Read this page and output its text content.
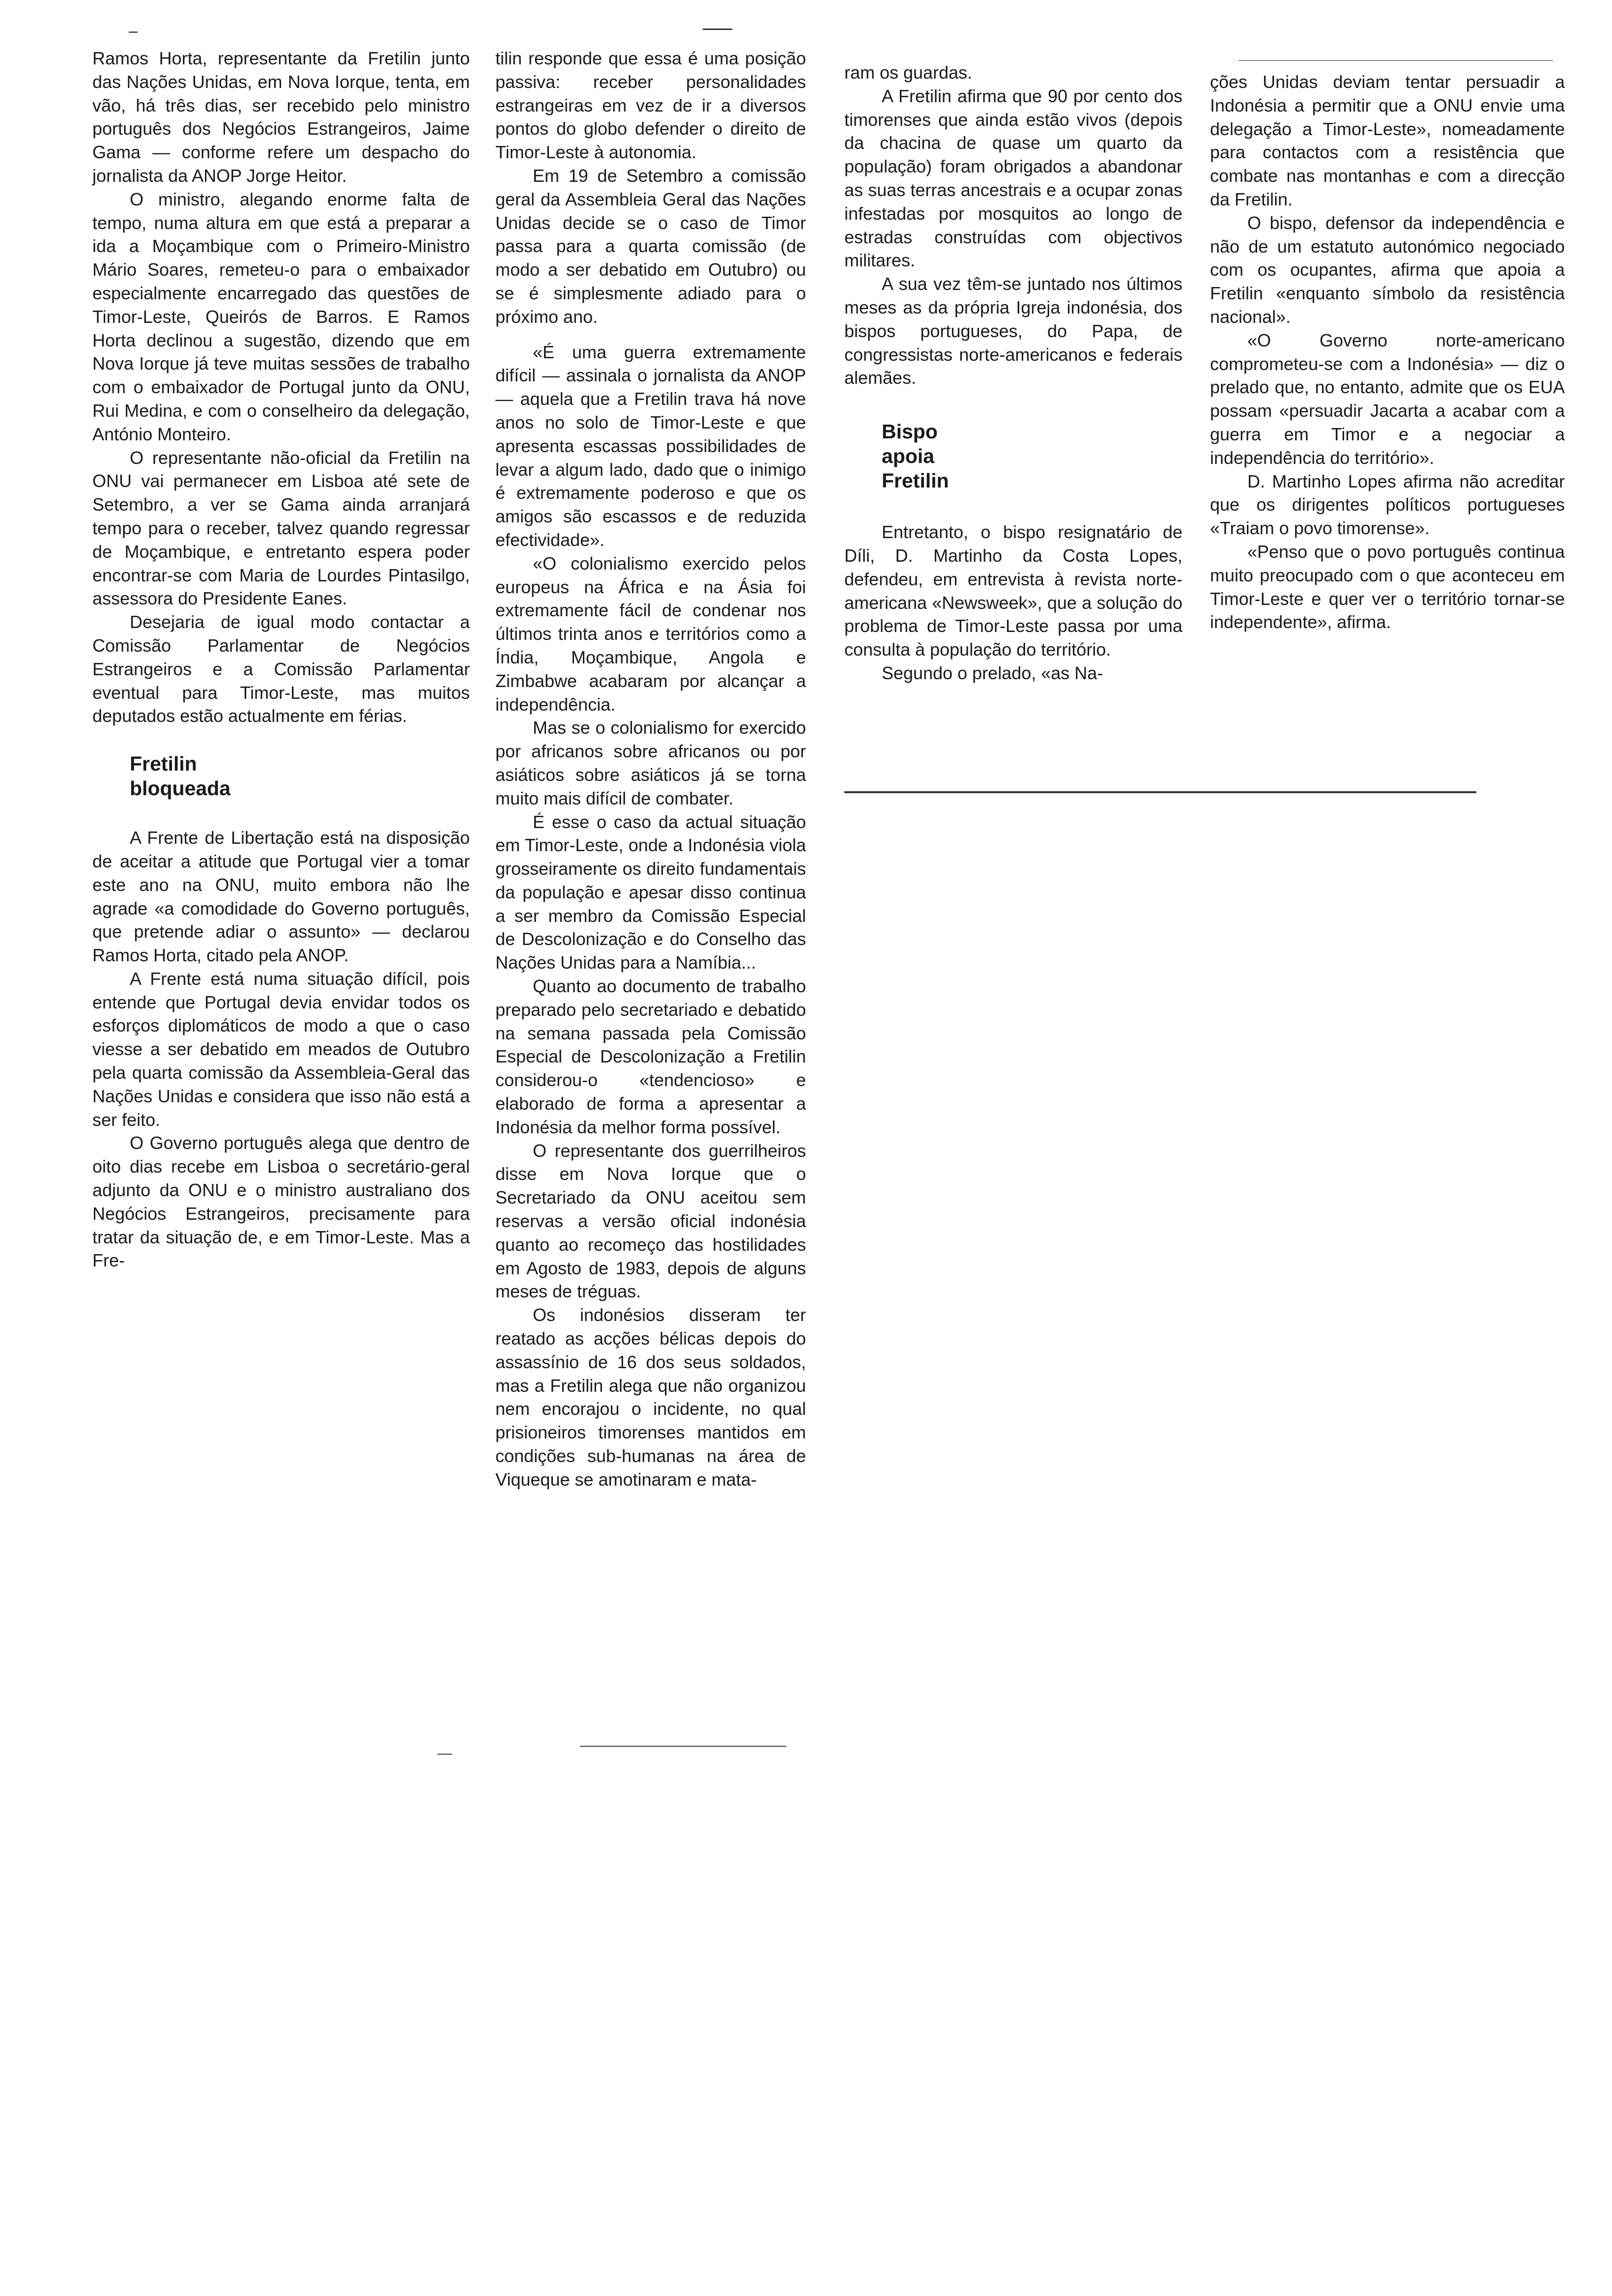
Ramos Horta, representante da Fretilin junto das Nações Unidas, em Nova Iorque, tenta, em vão, há três dias, ser recebido pelo ministro português dos Negócios Estrangeiros, Jaime Gama — conforme refere um despacho do jornalista da ANOP Jorge Heitor.

O ministro, alegando enorme falta de tempo, numa altura em que está a preparar a ida a Moçambique com o Primeiro-Ministro Mário Soares, remeteu-o para o embaixador especialmente encarregado das questões de Timor-Leste, Queirós de Barros. E Ramos Horta declinou a sugestão, dizendo que em Nova Iorque já teve muitas sessões de trabalho com o embaixador de Portugal junto da ONU, Rui Medina, e com o conselheiro da delegação, António Monteiro.

O representante não-oficial da Fretilin na ONU vai permanecer em Lisboa até sete de Setembro, a ver se Gama ainda arranjará tempo para o receber, talvez quando regressar de Moçambique, e entretanto espera poder encontrar-se com Maria de Lourdes Pintasilgo, assessora do Presidente Eanes.

Desejaria de igual modo contactar a Comissão Parlamentar de Negócios Estrangeiros e a Comissão Parlamentar eventual para Timor-Leste, mas muitos deputados estão actualmente em férias.

Fretilin

bloqueada

A Frente de Libertação está na disposição de aceitar a atitude que Portugal vier a tomar este ano na ONU, muito embora não lhe agrade «a comodidade do Governo português, que pretende adiar o assunto» — declarou Ramos Horta, citado pela ANOP.

A Frente está numa situação difícil, pois entende que Portugal devia envidar todos os esforços diplomáticos de modo a que o caso viesse a ser debatido em meados de Outubro pela quarta comissão da Assembleia-Geral das Nações Unidas e considera que isso não está a ser feito.

O Governo português alega que dentro de oito dias recebe em Lisboa o secretário-geral adjunto da ONU e o ministro australiano dos Negócios Estrangeiros, precisamente para tratar da situação de, e em Timor-Leste. Mas a Fre-

tilin responde que essa é uma posição passiva: receber personalidades estrangeiras em vez de ir a diversos pontos do globo defender o direito de Timor-Leste à autonomia.

Em 19 de Setembro a comissão geral da Assembleia Geral das Nações Unidas decide se o caso de Timor passa para a quarta comissão (de modo a ser debatido em Outubro) ou se é simplesmente adiado para o próximo ano.

«É uma guerra extremamente difícil — assinala o jornalista da ANOP — aquela que a Fretilin trava há nove anos no solo de Timor-Leste e que apresenta escassas possibilidades de levar a algum lado, dado que o inimigo é extremamente poderoso e que os amigos são escassos e de reduzida efectividade».

«O colonialismo exercido pelos europeus na África e na Ásia foi extremamente fácil de condenar nos últimos trinta anos e territórios como a Índia, Moçambique, Angola e Zimbabwe acabaram por alcançar a independência.

Mas se o colonialismo for exercido por africanos sobre africanos ou por asiáticos sobre asiáticos já se torna muito mais difícil de combater.

É esse o caso da actual situação em Timor-Leste, onde a Indonésia viola grosseiramente os direito fundamentais da população e apesar disso continua a ser membro da Comissão Especial de Descolonização e do Conselho das Nações Unidas para a Namíbia...

Quanto ao documento de trabalho preparado pelo secretariado e debatido na semana passada pela Comissão Especial de Descolonização a Fretilin considerou-o «tendencioso» e elaborado de forma a apresentar a Indonésia da melhor forma possível.

O representante dos guerrilheiros disse em Nova Iorque que o Secretariado da ONU aceitou sem reservas a versão oficial indonésia quanto ao recomeço das hostilidades em Agosto de 1983, depois de alguns meses de tréguas.

Os indonésios disseram ter reatado as acções bélicas depois do assassínio de 16 dos seus soldados, mas a Fretilin alega que não organizou nem encorajou o incidente, no qual prisioneiros timorenses mantidos em condições sub-humanas na área de Viqueque se amotinaram e mata-

ram os guardas.

A Fretilin afirma que 90 por cento dos timorenses que ainda estão vivos (depois da chacina de quase um quarto da população) foram obrigados a abandonar as suas terras ancestrais e a ocupar zonas infestadas por mosquitos ao longo de estradas construídas com objectivos militares.

A sua vez têm-se juntado nos últimos meses as da própria Igreja indonésia, dos bispos portugueses, do Papa, de congressistas norte-americanos e federais alemães.

Bispo

apoia

Fretilin

Entretanto, o bispo resignatário de Díli, D. Martinho da Costa Lopes, defendeu, em entrevista à revista norte-americana «Newsweek», que a solução do problema de Timor-Leste passa por uma consulta à população do território.

Segundo o prelado, «as Na-

ções Unidas deviam tentar persuadir a Indonésia a permitir que a ONU envie uma delegação a Timor-Leste», nomeadamente para contactos com a resistência que combate nas montanhas e com a direcção da Fretilin.

O bispo, defensor da independência e não de um estatuto autonómico negociado com os ocupantes, afirma que apoia a Fretilin «enquanto símbolo da resistência nacional».

«O Governo norte-americano comprometeu-se com a Indonésia» — diz o prelado que, no entanto, admite que os EUA possam «persuadir Jacarta a acabar com a guerra em Timor e a negociar a independência do território».

D. Martinho Lopes afirma não acreditar que os dirigentes políticos portugueses «Traiam o povo timorense».

«Penso que o povo português continua muito preocupado com o que aconteceu em Timor-Leste e quer ver o território tornar-se independente», afirma.
